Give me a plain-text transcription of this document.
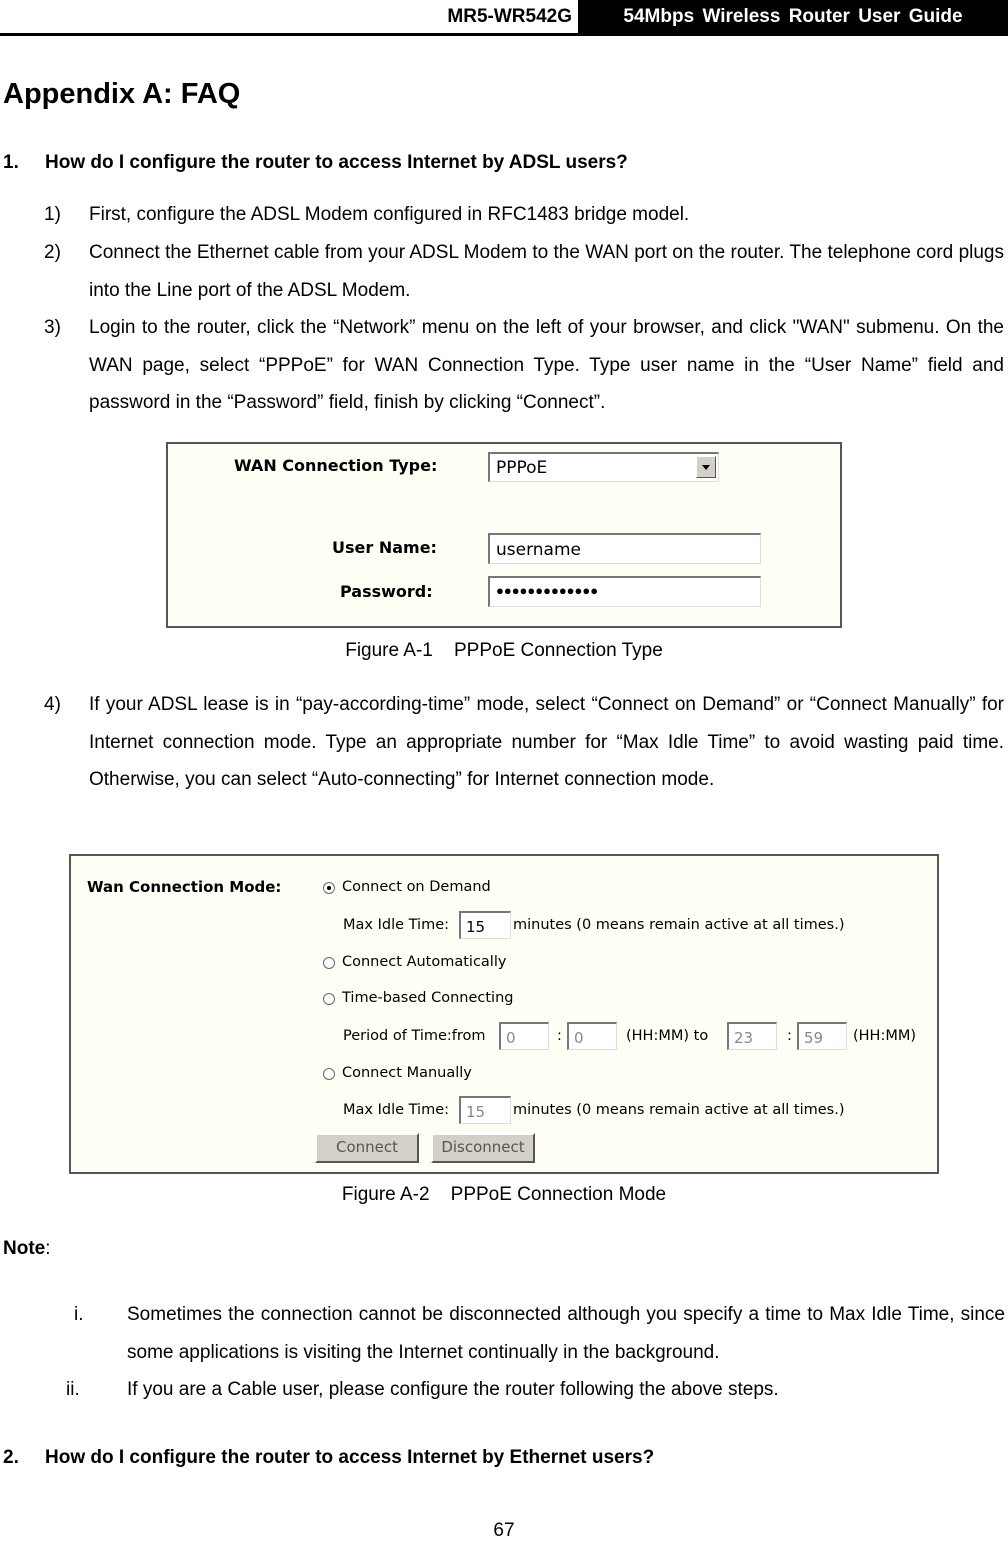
MR5-WR542G	54Mbps Wireless Router User Guide
Appendix A: FAQ
1. How do I configure the router to access Internet by ADSL users?
1) First, configure the ADSL Modem configured in RFC1483 bridge model.
2) Connect the Ethernet cable from your ADSL Modem to the WAN port on the router. The telephone cord plugs into the Line port of the ADSL Modem.
3) Login to the router, click the “Network” menu on the left of your browser, and click "WAN" submenu. On the WAN page, select “PPPoE” for WAN Connection Type. Type user name in the “User Name” field and password in the “Password” field, finish by clicking “Connect”.
WAN Connection Type:	PPPoE
User Name:	username
Password:	●●●●●●●●●●●●●
Figure A-1    PPPoE Connection Type
4) If your ADSL lease is in “pay-according-time” mode, select “Connect on Demand” or “Connect Manually” for Internet connection mode. Type an appropriate number for “Max Idle Time” to avoid wasting paid time. Otherwise, you can select “Auto-connecting” for Internet connection mode.
Wan Connection Mode:	Connect on Demand
Max Idle Time: 15 minutes (0 means remain active at all times.)
Connect Automatically
Time-based Connecting
Period of Time:from 0	: 0	(HH:MM) to 23 : 59 (HH:MM)
Connect Manually
Max Idle Time: 15 minutes (0 means remain active at all times.)
Connect	Disconnect
Figure A-2    PPPoE Connection Mode
Note:
i. Sometimes the connection cannot be disconnected although you specify a time to Max Idle Time, since some applications is visiting the Internet continually in the background.
ii. If you are a Cable user, please configure the router following the above steps.
2. How do I configure the router to access Internet by Ethernet users?
67
